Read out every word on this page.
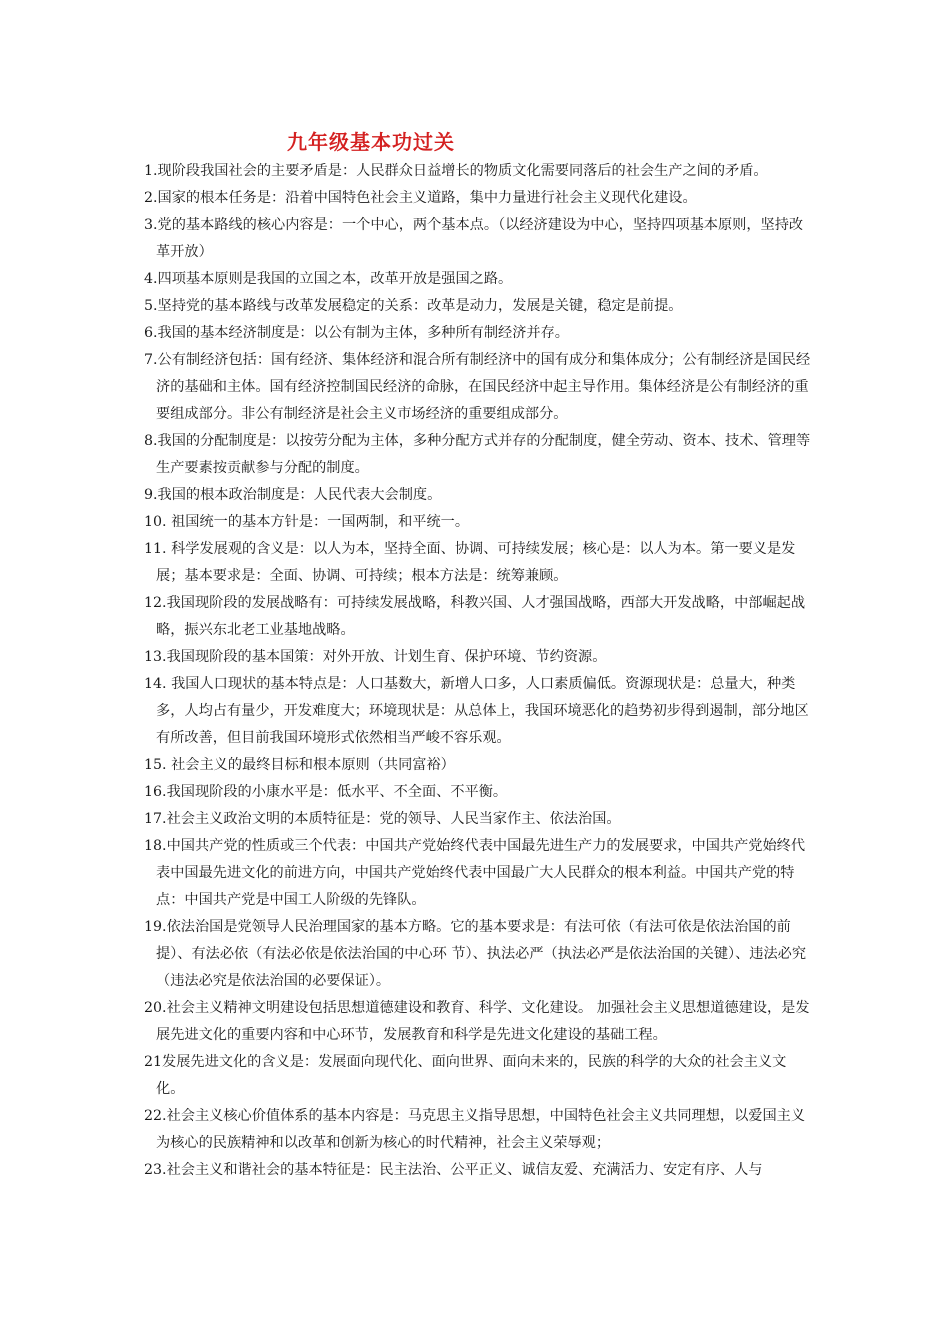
九年级基本功过关

1.现阶段我国社会的主要矛盾是：人民群众日益增长的物质文化需要同落后的社会生产之间的矛盾。

2.国家的根本任务是：沿着中国特色社会主义道路，集中力量进行社会主义现代化建设。

3.党的基本路线的核心内容是：一个中心，两个基本点。（以经济建设为中心，坚持四项基本原则，坚持改革开放）

4.四项基本原则是我国的立国之本，改革开放是强国之路。

5.坚持党的基本路线与改革发展稳定的关系：改革是动力，发展是关键，稳定是前提。

6.我国的基本经济制度是：以公有制为主体，多种所有制经济并存。

7.公有制经济包括：国有经济、集体经济和混合所有制经济中的国有成分和集体成分；公有制经济是国民经济的基础和主体。国有经济控制国民经济的命脉，在国民经济中起主导作用。集体经济是公有制经济的重要组成部分。非公有制经济是社会主义市场经济的重要组成部分。

8.我国的分配制度是：以按劳分配为主体，多种分配方式并存的分配制度，健全劳动、资本、技术、管理等生产要素按贡献参与分配的制度。

9.我国的根本政治制度是：人民代表大会制度。

10. 祖国统一的基本方针是：一国两制，和平统一。

11. 科学发展观的含义是：以人为本，坚持全面、协调、可持续发展；核心是：以人为本。第一要义是发展；基本要求是：全面、协调、可持续；根本方法是：统筹兼顾。

12.我国现阶段的发展战略有：可持续发展战略，科教兴国、人才强国战略，西部大开发战略，中部崛起战略，振兴东北老工业基地战略。

13.我国现阶段的基本国策：对外开放、计划生育、保护环境、节约资源。

14. 我国人口现状的基本特点是：人口基数大，新增人口多，人口素质偏低。资源现状是：总量大，种类多，人均占有量少，开发难度大；环境现状是：从总体上，我国环境恶化的趋势初步得到遏制，部分地区有所改善，但目前我国环境形式依然相当严峻不容乐观。

15. 社会主义的最终目标和根本原则（共同富裕）

16.我国现阶段的小康水平是：低水平、不全面、不平衡。

17.社会主义政治文明的本质特征是：党的领导、人民当家作主、依法治国。

18.中国共产党的性质或三个代表：中国共产党始终代表中国最先进生产力的发展要求，中国共产党始终代表中国最先进文化的前进方向，中国共产党始终代表中国最广大人民群众的根本利益。中国共产党的特点：中国共产党是中国工人阶级的先锋队。

19.依法治国是党领导人民治理国家的基本方略。它的基本要求是：有法可依（有法可依是依法治国的前提）、有法必依（有法必依是依法治国的中心环 节）、执法必严（执法必严是依法治国的关键）、违法必究（违法必究是依法治国的必要保证）。

20.社会主义精神文明建设包括思想道德建设和教育、科学、文化建设。 加强社会主义思想道德建设，是发展先进文化的重要内容和中心环节，发展教育和科学是先进文化建设的基础工程。

21发展先进文化的含义是：发展面向现代化、面向世界、面向未来的，民族的科学的大众的社会主义文化。

22.社会主义核心价值体系的基本内容是：马克思主义指导思想，中国特色社会主义共同理想，以爱国主义为核心的民族精神和以改革和创新为核心的时代精神，社会主义荣辱观；

23.社会主义和谐社会的基本特征是：民主法治、公平正义、诚信友爱、充满活力、安定有序、人与
